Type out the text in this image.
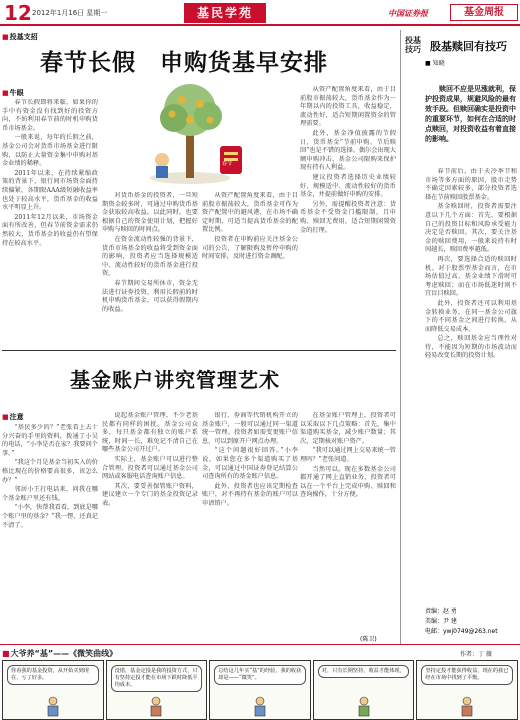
12 2012年1月16日 星期一	基民学苑	中国证券报	基金周报
■ 投基支招
春节长假　申购货基早安排
■ 牛眼

春节长假即将来临，如果你的手中有资金没有找到好的投资方向，不妨利用春节前的时机申购货币市场基金。

一般来说，每年的长假之前，基金公司会对货币市场基金进行限购，以防止大量资金集中申购对基金业绩的稀释。

2011年以来，在持续紧缩政策的背景下，银行间市场资金面持续偏紧，各期限AAA级短融收益率也处于较高水平，货币基金的收益水平明显上升。

2011年12月以来，市场资金面有所改善，但春节前资金需求仍然较大，货币基金的收益仍有望保持在较高水平。

春节

对货币基金的投资者，一旦短期资金较多时，可通过申购货币基金获取较高收益。以此同时，也要根据自己的资金使用计划，把握好申购与赎回的时间点。

在资金流动性较强的背景下，货币市场基金的收益将受到资金面的影响，投资者应当选择规模适中、流动性较好的货币基金进行投资。

春节期间交易所休市，资金无法进行证券投资，利用长假前的时机申购货币基金，可以获得假期内的收益。

从资产配置角度来看，由于目前股市振荡较大，货币基金可作为资产配置中的避风港，在市场不确定时期，可适当提高货币基金的配置比例。

投资者在申购前应关注基金公司的公告，了解限购及暂停申购的时间安排，及时进行资金调配。

从资产配置角度来看，由于目前股市振荡较大，货币基金作为一年期以内的投资工具，收益稳定，流动性好，适合短期闲置资金的管理需要。

此外，基金净值披露的节假日，货币基金“节前申购、节后赎回”也是不错的选择。偶尔会出现大额申购冲击，基金公司限购来保护现有持有人利益。

建议投资者选择历史业绩较好、规模适中、流动性较好的货币基金，并提前做好申购的安排。

另外，需提醒投资者注意：货币基金不受资金门槛限制，且申购、赎回无费用，适合短期闲置资金的打理。

基金账户讲究管理艺术
■ 注意

“基民多少的？”老张看上去十分兴奋的手里的资料，拨通了小吴的电话，“小李是否在家？我要问个事。”

“我这个月是基金当初买入的价格比现在的价格要高很多，该怎么办？”

邻居小王打电话来，问我在哪个基金账户里还有钱。

“小李，快帮我看看，到底是哪个账户里的基金？”我一愣，还真记不清了。

说起基金账户管理，不少老基民都有同样的困扰。基金公司众多，每只基金都有独立的账户系统，时间一长，难免记不清自己在哪些基金公司开过户。

实际上，基金账户可以进行整合管理。投资者可以通过基金公司网站或客服电话查询账户信息。

其次，要妥善保管账户资料，建议建立一个专门的基金投资记录表。

银行、券商等代销机构开立的基金账户，一般可以通过同一渠道统一管理。投资者如需变更账户信息，可以到原开户网点办理。

“这个问题很好回答。”小李说，如果您在多个渠道购买了基金，可以通过中国证券登记结算公司查询所有的基金账户信息。

此外，投资者也应该定期检查账户，对不再持有基金的账户可以申请销户。

在基金账户管理上，投资者可以采取以下几点策略：首先，集中渠道购买基金，减少账户数量；其次，定期核对账户资产。

“我可以通过网上交易来统一管理吗？”老张问道。

当然可以。现在多数基金公司都开通了网上直销业务，投资者可以在一个平台上完成申购、赎回和查询操作，十分方便。

(陈卫)
投基技巧 股基赎回有技巧
■ 知晓
赎回不应是见涨就利，保护投资成果，规避风险的最有效手段。但赎回确实是投资中的重要环节，如何在合适的时点赎回，对投资收益有着直接的影响。

春节前后，由于天冷季节和市场等多方面的原因，股市走势不确定因素较多，部分投资者选择在节前赎回股票基金。

基金赎回时，投资者需要注意以下几个方面：首先，要根据自己的投资目标和风险承受能力决定是否赎回。其次，要关注基金的赎回费用，一般来说持有时间越长，赎回费率越低。

再次，要选择合适的赎回时机。对于股票型基金而言，在市场估值过高、基金业绩下滑时可考虑赎回；而在市场低迷时则不宜盲目赎回。

此外，投资者还可以利用基金转换业务，在同一基金公司旗下的不同基金之间进行转换，从而降低交易成本。

总之，赎回基金应当理性对待，不能因为短期的市场波动而轻易改变长期的投资计划。

责编：赵 勇
美编：尹 建
电邮：ywj0749@263.net
■ 大爷养“基”——《微笑曲线》	作者：丁 薇
你看我的基金投资，从开始买到现在，亏了好多。
没错，基金定投是我的投资方式，只有坚持定投才能在市场下跌时降低平均成本。
总结这几年买“基”的经验，我的收获却是——“微笑”。
对，只有长期坚持，收益才能体现。	坚持定投才能获得收益，现在的我已经在市场中找到了平衡。
